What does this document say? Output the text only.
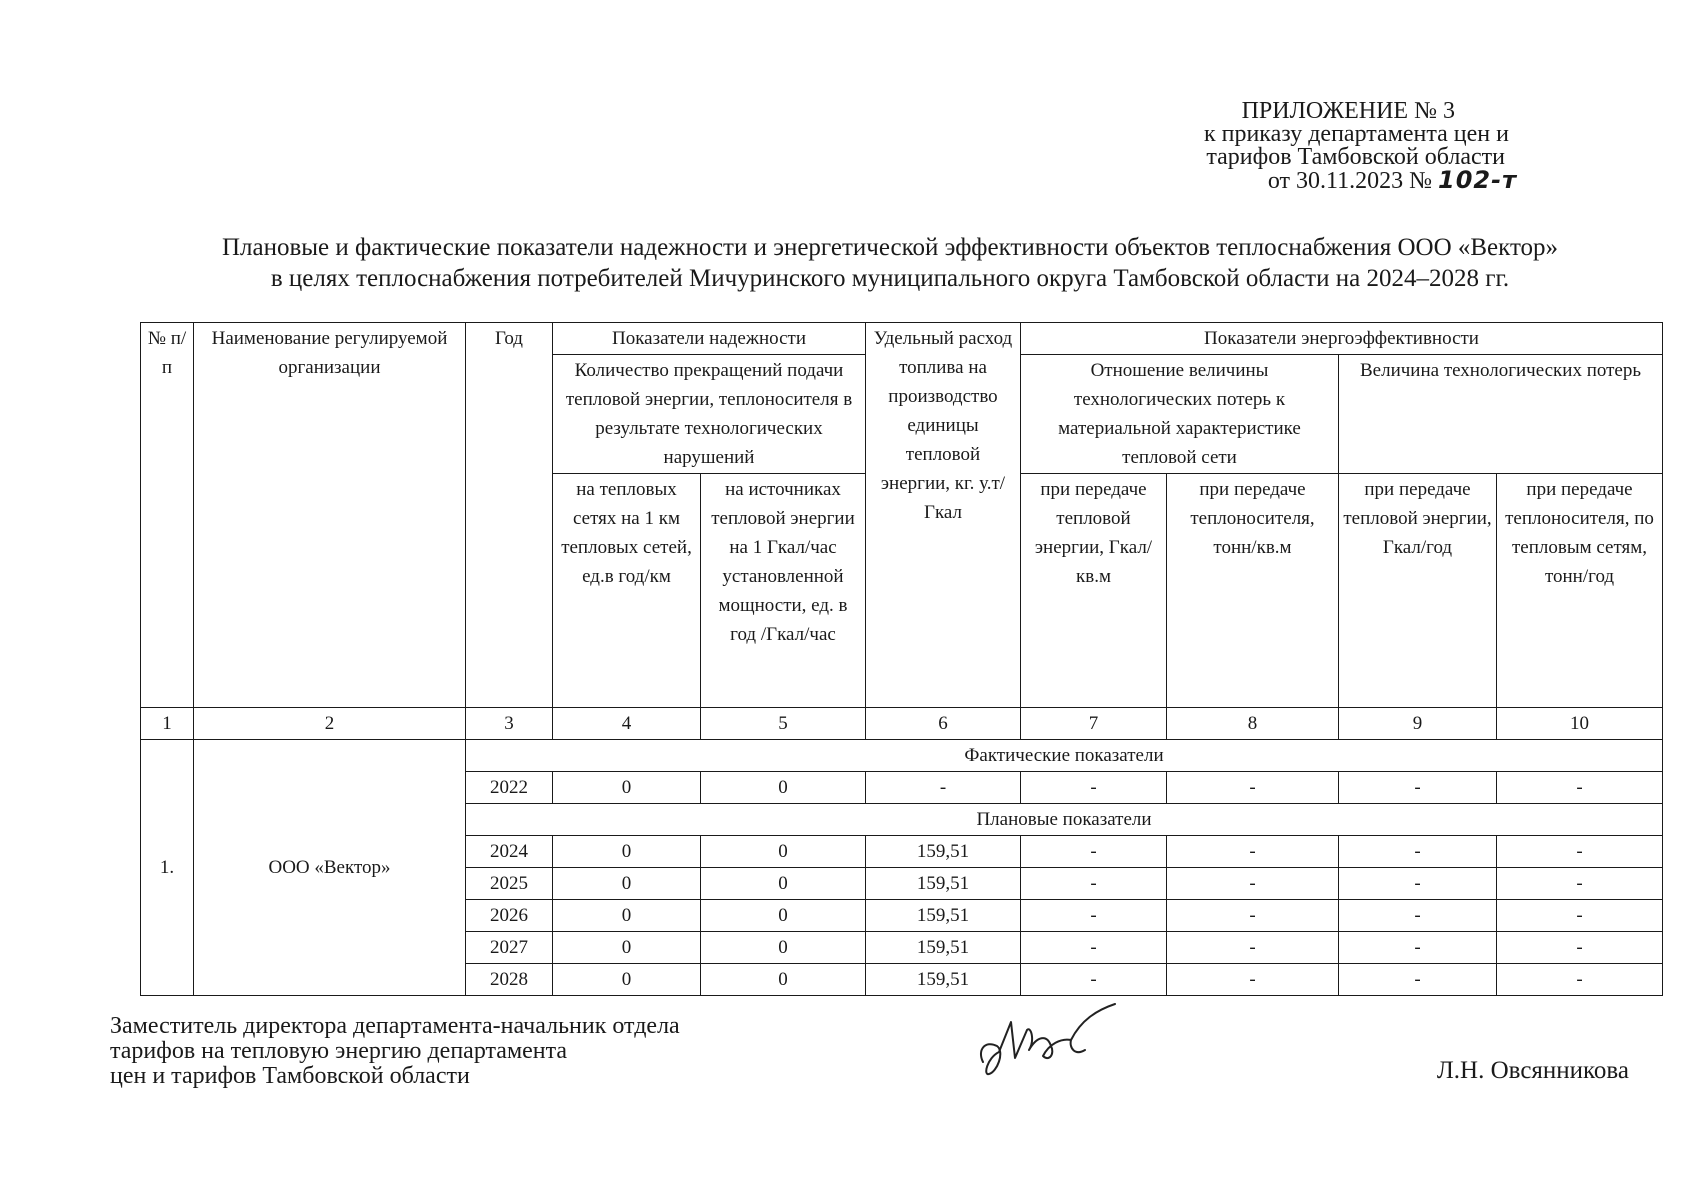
ПРИЛОЖЕНИЕ № 3
к приказу департамента цен и
тарифов Тамбовской области
от 30.11.2023 № 102-т
Плановые и фактические показатели надежности и энергетической эффективности объектов теплоснабжения ООО «Вектор»
в целях теплоснабжения потребителей Мичуринского муниципального округа Тамбовской области на 2024–2028 гг.
№ п/п	Наименование регулируемой организации	Год	Показатели надежности		Удельный расход топлива на производство единицы тепловой энергии, кг. у.т/Гкал	Показатели энергоэффективности			
			Количество прекращений подачи тепловой энергии, теплоносителя в результате технологических нарушений			Отношение величины технологических потерь к материальной характеристике тепловой сети		Величина технологических потерь	
			на тепловых сетях на 1 км тепловых сетей, ед.в год/км	на источниках тепловой энергии на 1 Гкал/час установленной мощности, ед. в год /Гкал/час		при передаче тепловой энергии, Гкал/кв.м	при передаче теплоносителя, тонн/кв.м	при передаче тепловой энергии, Гкал/год	при передаче теплоносителя, по тепловым сетям, тонн/год
1	2	3	4	5	6	7	8	9	10
1.	ООО «Вектор»	Фактические показатели							
		2022	0	0	-	-	-	-	-
		Плановые показатели							
		2024	0	0	159,51	-	-	-	-
		2025	0	0	159,51	-	-	-	-
		2026	0	0	159,51	-	-	-	-
		2027	0	0	159,51	-	-	-	-
		2028	0	0	159,51	-	-	-	-
Заместитель директора департамента-начальник отдела
тарифов на тепловую энергию департамента
цен и тарифов Тамбовской области	Л.Н. Овсянникова
